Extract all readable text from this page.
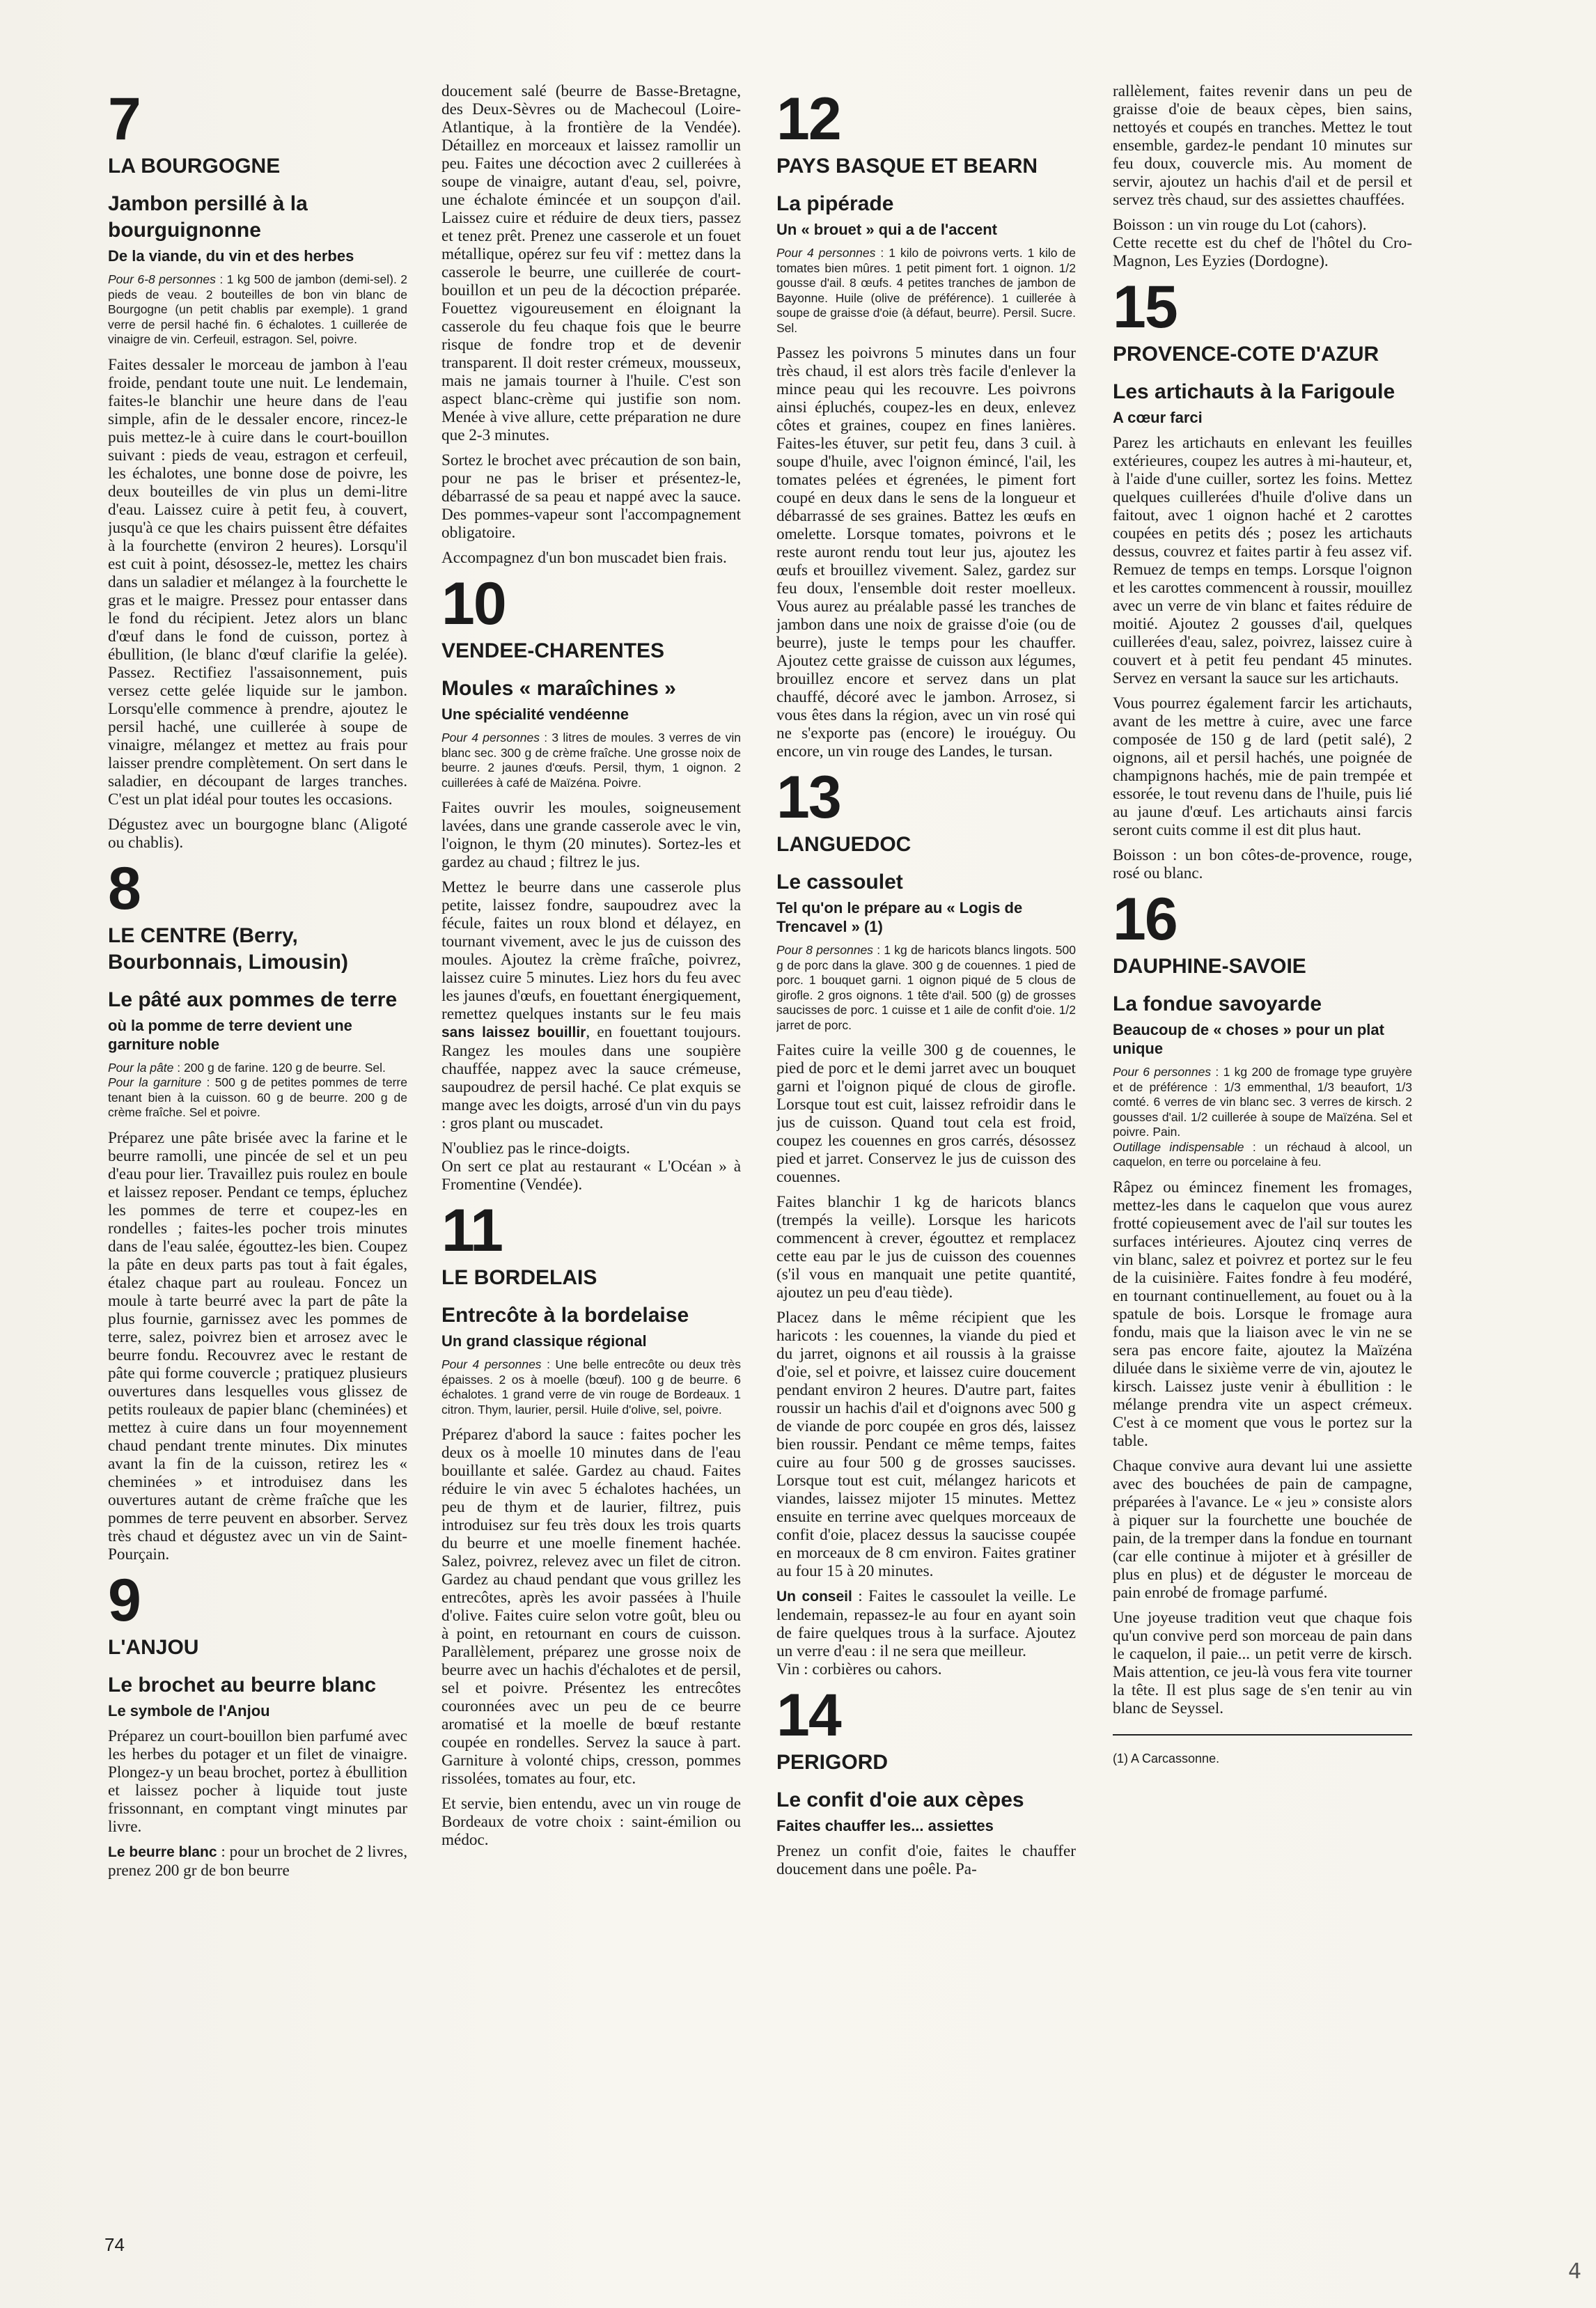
7
LA BOURGOGNE
Jambon persillé à la bourguignonne
De la viande, du vin et des herbes
Pour 6-8 personnes : 1 kg 500 de jambon (demi-sel). 2 pieds de veau. 2 bouteilles de bon vin blanc de Bourgogne (un petit chablis par exemple). 1 grand verre de persil haché fin. 6 échalotes. 1 cuillerée de vinaigre de vin. Cerfeuil, estragon. Sel, poivre.

Faites dessaler le morceau de jambon à l'eau froide, pendant toute une nuit. Le lendemain, faites-le blanchir une heure dans de l'eau simple, afin de le dessaler encore, rincez-le puis mettez-le à cuire dans le court-bouillon suivant : pieds de veau, estragon et cerfeuil, les échalotes, une bonne dose de poivre, les deux bouteilles de vin plus un demi-litre d'eau. Laissez cuire à petit feu, à couvert, jusqu'à ce que les chairs puissent être défaites à la fourchette (environ 2 heures). Lorsqu'il est cuit à point, désossez-le, mettez les chairs dans un saladier et mélangez à la fourchette le gras et le maigre. Pressez pour entasser dans le fond du récipient. Jetez alors un blanc d'œuf dans le fond de cuisson, portez à ébullition, (le blanc d'œuf clarifie la gelée). Passez. Rectifiez l'assaisonnement, puis versez cette gelée liquide sur le jambon. Lorsqu'elle commence à prendre, ajoutez le persil haché, une cuillerée à soupe de vinaigre, mélangez et mettez au frais pour laisser prendre complètement. On sert dans le saladier, en découpant de larges tranches. C'est un plat idéal pour toutes les occasions.

Dégustez avec un bourgogne blanc (Aligoté ou chablis).

8
LE CENTRE (Berry, Bourbonnais, Limousin)
Le pâté aux pommes de terre
où la pomme de terre devient une garniture noble
Pour la pâte : 200 g de farine. 120 g de beurre. Sel.
Pour la garniture : 500 g de petites pommes de terre tenant bien à la cuisson. 60 g de beurre. 200 g de crème fraîche. Sel et poivre.

Préparez une pâte brisée avec la farine et le beurre ramolli, une pincée de sel et un peu d'eau pour lier. Travaillez puis roulez en boule et laissez reposer. Pendant ce temps, épluchez les pommes de terre et coupez-les en rondelles ; faites-les pocher trois minutes dans de l'eau salée, égouttez-les bien. Coupez la pâte en deux parts pas tout à fait égales, étalez chaque part au rouleau. Foncez un moule à tarte beurré avec la part de pâte la plus fournie, garnissez avec les pommes de terre, salez, poivrez bien et arrosez avec le beurre fondu. Recouvrez avec le restant de pâte qui forme couvercle ; pratiquez plusieurs ouvertures dans lesquelles vous glissez de petits rouleaux de papier blanc (cheminées) et mettez à cuire dans un four moyennement chaud pendant trente minutes. Dix minutes avant la fin de la cuisson, retirez les « cheminées » et introduisez dans les ouvertures autant de crème fraîche que les pommes de terre peuvent en absorber. Servez très chaud et dégustez avec un vin de Saint-Pourçain.

9
L'ANJOU
Le brochet au beurre blanc
Le symbole de l'Anjou

Préparez un court-bouillon bien parfumé avec les herbes du potager et un filet de vinaigre. Plongez-y un beau brochet, portez à ébullition et laissez pocher à liquide tout juste frissonnant, en comptant vingt minutes par livre.

Le beurre blanc : pour un brochet de 2 livres, prenez 200 gr de bon beurre

doucement salé (beurre de Basse-Bretagne, des Deux-Sèvres ou de Machecoul (Loire-Atlantique, à la frontière de la Vendée). Détaillez en morceaux et laissez ramollir un peu. Faites une décoction avec 2 cuillerées à soupe de vinaigre, autant d'eau, sel, poivre, une échalote émincée et un soupçon d'ail. Laissez cuire et réduire de deux tiers, passez et tenez prêt. Prenez une casserole et un fouet métallique, opérez sur feu vif : mettez dans la casserole le beurre, une cuillerée de court-bouillon et un peu de la décoction préparée. Fouettez vigoureusement en éloignant la casserole du feu chaque fois que le beurre risque de fondre trop et de devenir transparent. Il doit rester crémeux, mousseux, mais ne jamais tourner à l'huile. C'est son aspect blanc-crème qui justifie son nom. Menée à vive allure, cette préparation ne dure que 2-3 minutes.

Sortez le brochet avec précaution de son bain, pour ne pas le briser et présentez-le, débarrassé de sa peau et nappé avec la sauce. Des pommes-vapeur sont l'accompagnement obligatoire.

Accompagnez d'un bon muscadet bien frais.

10
VENDEE-CHARENTES
Moules « maraîchines »
Une spécialité vendéenne
Pour 4 personnes : 3 litres de moules. 3 verres de vin blanc sec. 300 g de crème fraîche. Une grosse noix de beurre. 2 jaunes d'œufs. Persil, thym, 1 oignon. 2 cuillerées à café de Maïzéna. Poivre.

Faites ouvrir les moules, soigneusement lavées, dans une grande casserole avec le vin, l'oignon, le thym (20 minutes). Sortez-les et gardez au chaud ; filtrez le jus.

Mettez le beurre dans une casserole plus petite, laissez fondre, saupoudrez avec la fécule, faites un roux blond et délayez, en tournant vivement, avec le jus de cuisson des moules. Ajoutez la crème fraîche, poivrez, laissez cuire 5 minutes. Liez hors du feu avec les jaunes d'œufs, en fouettant énergiquement, remettez quelques instants sur le feu mais sans laissez bouillir, en fouettant toujours. Rangez les moules dans une soupière chauffée, nappez avec la sauce crémeuse, saupoudrez de persil haché. Ce plat exquis se mange avec les doigts, arrosé d'un vin du pays : gros plant ou muscadet.

N'oubliez pas le rince-doigts.

On sert ce plat au restaurant « L'Océan » à Fromentine (Vendée).

11
LE BORDELAIS
Entrecôte à la bordelaise
Un grand classique régional
Pour 4 personnes : Une belle entrecôte ou deux très épaisses. 2 os à moelle (bœuf). 100 g de beurre. 6 échalotes. 1 grand verre de vin rouge de Bordeaux. 1 citron. Thym, laurier, persil. Huile d'olive, sel, poivre.

Préparez d'abord la sauce : faites pocher les deux os à moelle 10 minutes dans de l'eau bouillante et salée. Gardez au chaud. Faites réduire le vin avec 5 échalotes hachées, un peu de thym et de laurier, filtrez, puis introduisez sur feu très doux les trois quarts du beurre et une moelle finement hachée. Salez, poivrez, relevez avec un filet de citron. Gardez au chaud pendant que vous grillez les entrecôtes, après les avoir passées à l'huile d'olive. Faites cuire selon votre goût, bleu ou à point, en retournant en cours de cuisson. Parallèlement, préparez une grosse noix de beurre avec un hachis d'échalotes et de persil, sel et poivre. Présentez les entrecôtes couronnées avec un peu de ce beurre aromatisé et la moelle de bœuf restante coupée en rondelles. Servez la sauce à part. Garniture à volonté chips, cresson, pommes rissolées, tomates au four, etc.

Et servie, bien entendu, avec un vin rouge de Bordeaux de votre choix : saint-émilion ou médoc.

12
PAYS BASQUE ET BEARN
La pipérade
Un « brouet » qui a de l'accent
Pour 4 personnes : 1 kilo de poivrons verts. 1 kilo de tomates bien mûres. 1 petit piment fort. 1 oignon. 1/2 gousse d'ail. 8 œufs. 4 petites tranches de jambon de Bayonne. Huile (olive de préférence). 1 cuillerée à soupe de graisse d'oie (à défaut, beurre). Persil. Sucre. Sel.

Passez les poivrons 5 minutes dans un four très chaud, il est alors très facile d'enlever la mince peau qui les recouvre. Les poivrons ainsi épluchés, coupez-les en deux, enlevez côtes et graines, coupez en fines lanières. Faites-les étuver, sur petit feu, dans 3 cuil. à soupe d'huile, avec l'oignon émincé, l'ail, les tomates pelées et égrenées, le piment fort coupé en deux dans le sens de la longueur et débarrassé de ses graines. Battez les œufs en omelette. Lorsque tomates, poivrons et le reste auront rendu tout leur jus, ajoutez les œufs et brouillez vivement. Salez, gardez sur feu doux, l'ensemble doit rester moelleux. Vous aurez au préalable passé les tranches de jambon dans une noix de graisse d'oie (ou de beurre), juste le temps pour les chauffer. Ajoutez cette graisse de cuisson aux légumes, brouillez encore et servez dans un plat chauffé, décoré avec le jambon. Arrosez, si vous êtes dans la région, avec un vin rosé qui ne s'exporte pas (encore) le irouéguy. Ou encore, un vin rouge des Landes, le tursan.

13
LANGUEDOC
Le cassoulet
Tel qu'on le prépare au « Logis de Trencavel » (1)
Pour 8 personnes : 1 kg de haricots blancs lingots. 500 g de porc dans la glave. 300 g de couennes. 1 pied de porc. 1 bouquet garni. 1 oignon piqué de 5 clous de girofle. 2 gros oignons. 1 tête d'ail. 500 (g) de grosses saucisses de porc. 1 cuisse et 1 aile de confit d'oie. 1/2 jarret de porc.

Faites cuire la veille 300 g de couennes, le pied de porc et le demi jarret avec un bouquet garni et l'oignon piqué de clous de girofle. Lorsque tout est cuit, laissez refroidir dans le jus de cuisson. Quand tout cela est froid, coupez les couennes en gros carrés, désossez pied et jarret. Conservez le jus de cuisson des couennes.

Faites blanchir 1 kg de haricots blancs (trempés la veille). Lorsque les haricots commencent à crever, égouttez et remplacez cette eau par le jus de cuisson des couennes (s'il vous en manquait une petite quantité, ajoutez un peu d'eau tiède).

Placez dans le même récipient que les haricots : les couennes, la viande du pied et du jarret, oignons et ail roussis à la graisse d'oie, sel et poivre, et laissez cuire doucement pendant environ 2 heures. D'autre part, faites roussir un hachis d'ail et d'oignons avec 500 g de viande de porc coupée en gros dés, laissez bien roussir. Pendant ce même temps, faites cuire au four 500 g de grosses saucisses. Lorsque tout est cuit, mélangez haricots et viandes, laissez mijoter 15 minutes. Mettez ensuite en terrine avec quelques morceaux de confit d'oie, placez dessus la saucisse coupée en morceaux de 8 cm environ. Faites gratiner au four 15 à 20 minutes.

Un conseil : Faites le cassoulet la veille. Le lendemain, repassez-le au four en ayant soin de faire quelques trous à la surface. Ajoutez un verre d'eau : il ne sera que meilleur.

Vin : corbières ou cahors.

14
PERIGORD
Le confit d'oie aux cèpes
Faites chauffer les... assiettes

Prenez un confit d'oie, faites le chauffer doucement dans une poêle. Pa-

rallèlement, faites revenir dans un peu de graisse d'oie de beaux cèpes, bien sains, nettoyés et coupés en tranches. Mettez le tout ensemble, gardez-le pendant 10 minutes sur feu doux, couvercle mis. Au moment de servir, ajoutez un hachis d'ail et de persil et servez très chaud, sur des assiettes chauffées.

Boisson : un vin rouge du Lot (cahors).

Cette recette est du chef de l'hôtel du Cro-Magnon, Les Eyzies (Dordogne).

15
PROVENCE-COTE D'AZUR
Les artichauts à la Farigoule
A cœur farci

Parez les artichauts en enlevant les feuilles extérieures, coupez les autres à mi-hauteur, et, à l'aide d'une cuiller, sortez les foins. Mettez quelques cuillerées d'huile d'olive dans un faitout, avec 1 oignon haché et 2 carottes coupées en petits dés ; posez les artichauts dessus, couvrez et faites partir à feu assez vif. Remuez de temps en temps. Lorsque l'oignon et les carottes commencent à roussir, mouillez avec un verre de vin blanc et faites réduire de moitié. Ajoutez 2 gousses d'ail, quelques cuillerées d'eau, salez, poivrez, laissez cuire à couvert et à petit feu pendant 45 minutes. Servez en versant la sauce sur les artichauts.

Vous pourrez également farcir les artichauts, avant de les mettre à cuire, avec une farce composée de 150 g de lard (petit salé), 2 oignons, ail et persil hachés, une poignée de champignons hachés, mie de pain trempée et essorée, le tout revenu dans de l'huile, puis lié au jaune d'œuf. Les artichauts ainsi farcis seront cuits comme il est dit plus haut.

Boisson : un bon côtes-de-provence, rouge, rosé ou blanc.

16
DAUPHINE-SAVOIE
La fondue savoyarde
Beaucoup de « choses » pour un plat unique
Pour 6 personnes : 1 kg 200 de fromage type gruyère et de préférence : 1/3 emmenthal, 1/3 beaufort, 1/3 comté. 6 verres de vin blanc sec. 3 verres de kirsch. 2 gousses d'ail. 1/2 cuillerée à soupe de Maïzéna. Sel et poivre. Pain.
Outillage indispensable : un réchaud à alcool, un caquelon, en terre ou porcelaine à feu.

Râpez ou émincez finement les fromages, mettez-les dans le caquelon que vous aurez frotté copieusement avec de l'ail sur toutes les surfaces intérieures. Ajoutez cinq verres de vin blanc, salez et poivrez et portez sur le feu de la cuisinière. Faites fondre à feu modéré, en tournant continuellement, au fouet ou à la spatule de bois. Lorsque le fromage aura fondu, mais que la liaison avec le vin ne se sera pas encore faite, ajoutez la Maïzéna diluée dans le sixième verre de vin, ajoutez le kirsch. Laissez juste venir à ébullition : le mélange prendra vite un aspect crémeux. C'est à ce moment que vous le portez sur la table.

Chaque convive aura devant lui une assiette avec des bouchées de pain de campagne, préparées à l'avance. Le « jeu » consiste alors à piquer sur la fourchette une bouchée de pain, de la tremper dans la fondue en tournant (car elle continue à mijoter et à grésiller de plus en plus) et de déguster le morceau de pain enrobé de fromage parfumé.

Une joyeuse tradition veut que chaque fois qu'un convive perd son morceau de pain dans le caquelon, il paie... un petit verre de kirsch. Mais attention, ce jeu-là vous fera vite tourner la tête. Il est plus sage de s'en tenir au vin blanc de Seyssel.

(1) A Carcassonne.
74
4
